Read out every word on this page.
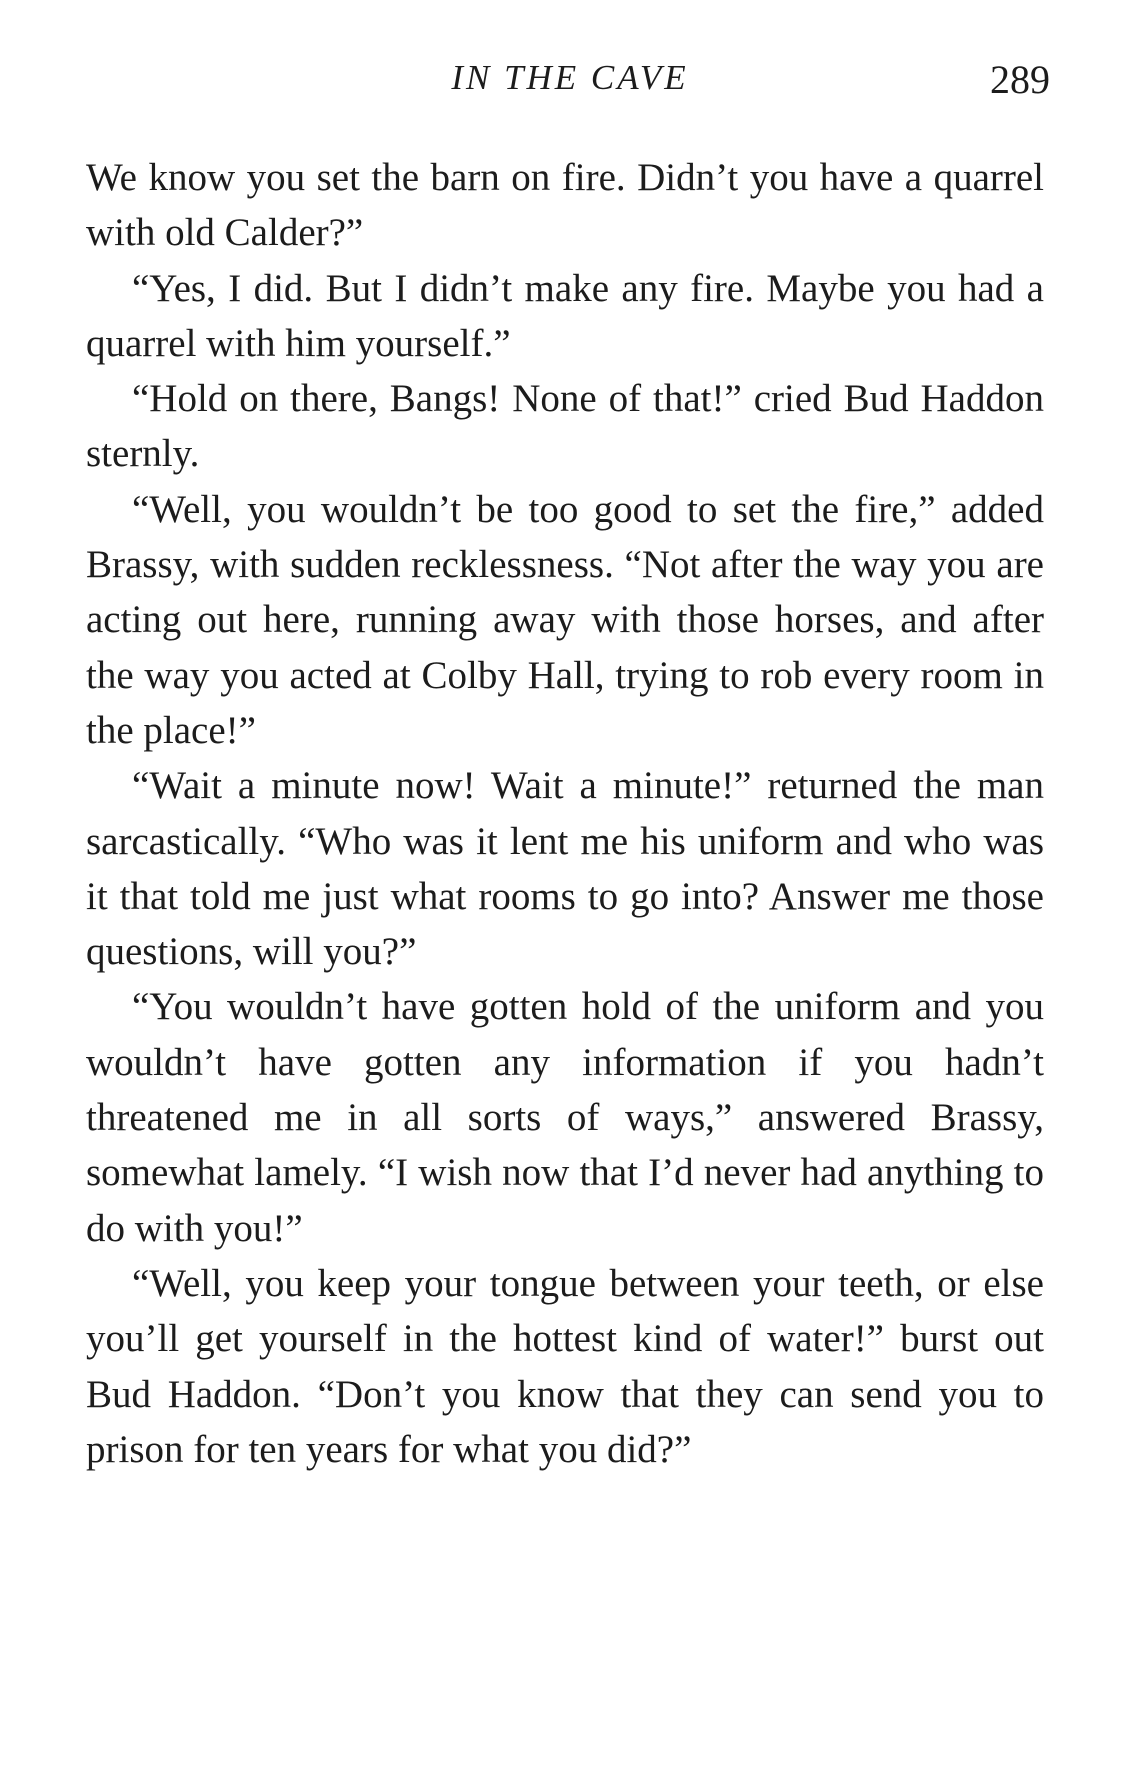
IN THE CAVE	289

We know you set the barn on fire. Didn’t you have a quarrel with old Calder?”

“Yes, I did. But I didn’t make any fire. Maybe you had a quarrel with him yourself.”

“Hold on there, Bangs! None of that!” cried Bud Haddon sternly.

“Well, you wouldn’t be too good to set the fire,” added Brassy, with sudden recklessness. “Not after the way you are acting out here, running away with those horses, and after the way you acted at Colby Hall, trying to rob every room in the place!”

“Wait a minute now! Wait a minute!” returned the man sarcastically. “Who was it lent me his uniform and who was it that told me just what rooms to go into? Answer me those questions, will you?”

“You wouldn’t have gotten hold of the uniform and you wouldn’t have gotten any information if you hadn’t threatened me in all sorts of ways,” answered Brassy, somewhat lamely. “I wish now that I’d never had anything to do with you!”

“Well, you keep your tongue between your teeth, or else you’ll get yourself in the hottest kind of water!” burst out Bud Haddon. “Don’t you know that they can send you to prison for ten years for what you did?”
